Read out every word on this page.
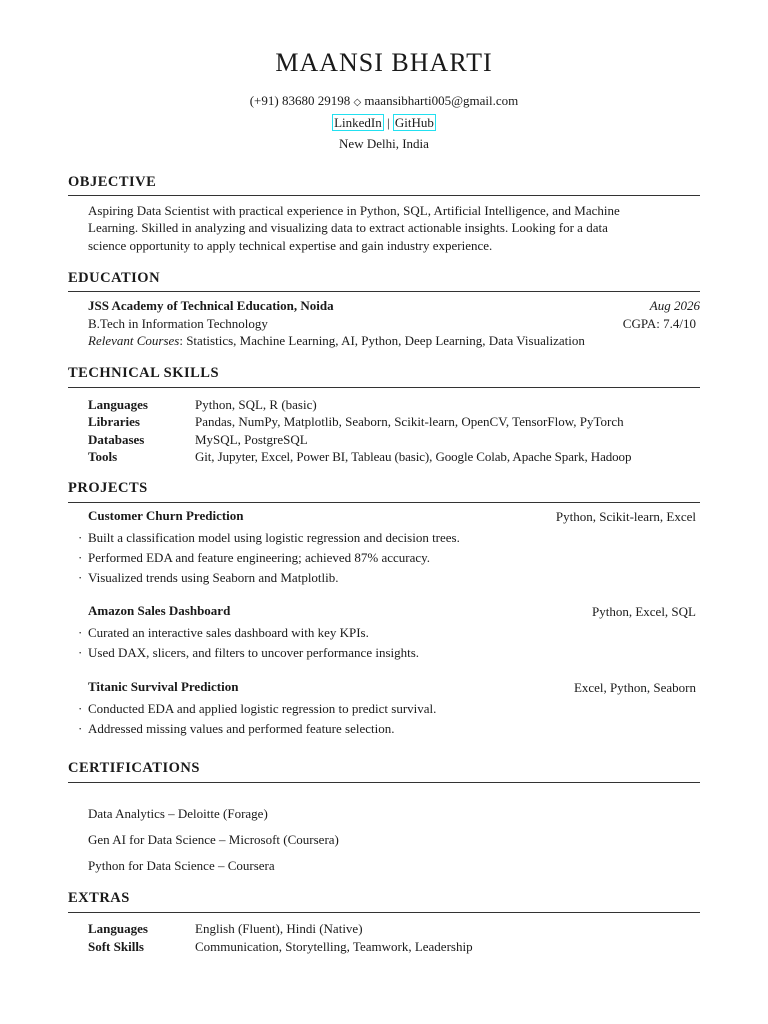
MAANSI BHARTI
(+91) 83680 29198 ◇ maansibharti005@gmail.com
LinkedIn | GitHub
New Delhi, India
OBJECTIVE
Aspiring Data Scientist with practical experience in Python, SQL, Artificial Intelligence, and Machine
Learning. Skilled in analyzing and visualizing data to extract actionable insights. Looking for a data
science opportunity to apply technical expertise and gain industry experience.
EDUCATION
JSS Academy of Technical Education, Noida	Aug 2026
B.Tech in Information Technology	CGPA: 7.4/10
Relevant Courses: Statistics, Machine Learning, AI, Python, Deep Learning, Data Visualization
TECHNICAL SKILLS
Languages	Python, SQL, R (basic)
Libraries	Pandas, NumPy, Matplotlib, Seaborn, Scikit-learn, OpenCV, TensorFlow, PyTorch
Databases	MySQL, PostgreSQL
Tools	Git, Jupyter, Excel, Power BI, Tableau (basic), Google Colab, Apache Spark, Hadoop
PROJECTS
Customer Churn Prediction	Python, Scikit-learn, Excel
· Built a classification model using logistic regression and decision trees.
· Performed EDA and feature engineering; achieved 87% accuracy.
· Visualized trends using Seaborn and Matplotlib.
Amazon Sales Dashboard	Python, Excel, SQL
· Curated an interactive sales dashboard with key KPIs.
· Used DAX, slicers, and filters to uncover performance insights.
Titanic Survival Prediction	Excel, Python, Seaborn
· Conducted EDA and applied logistic regression to predict survival.
· Addressed missing values and performed feature selection.
CERTIFICATIONS
Data Analytics – Deloitte (Forage)
Gen AI for Data Science – Microsoft (Coursera)
Python for Data Science – Coursera
EXTRAS
Languages	English (Fluent), Hindi (Native)
Soft Skills	Communication, Storytelling, Teamwork, Leadership
